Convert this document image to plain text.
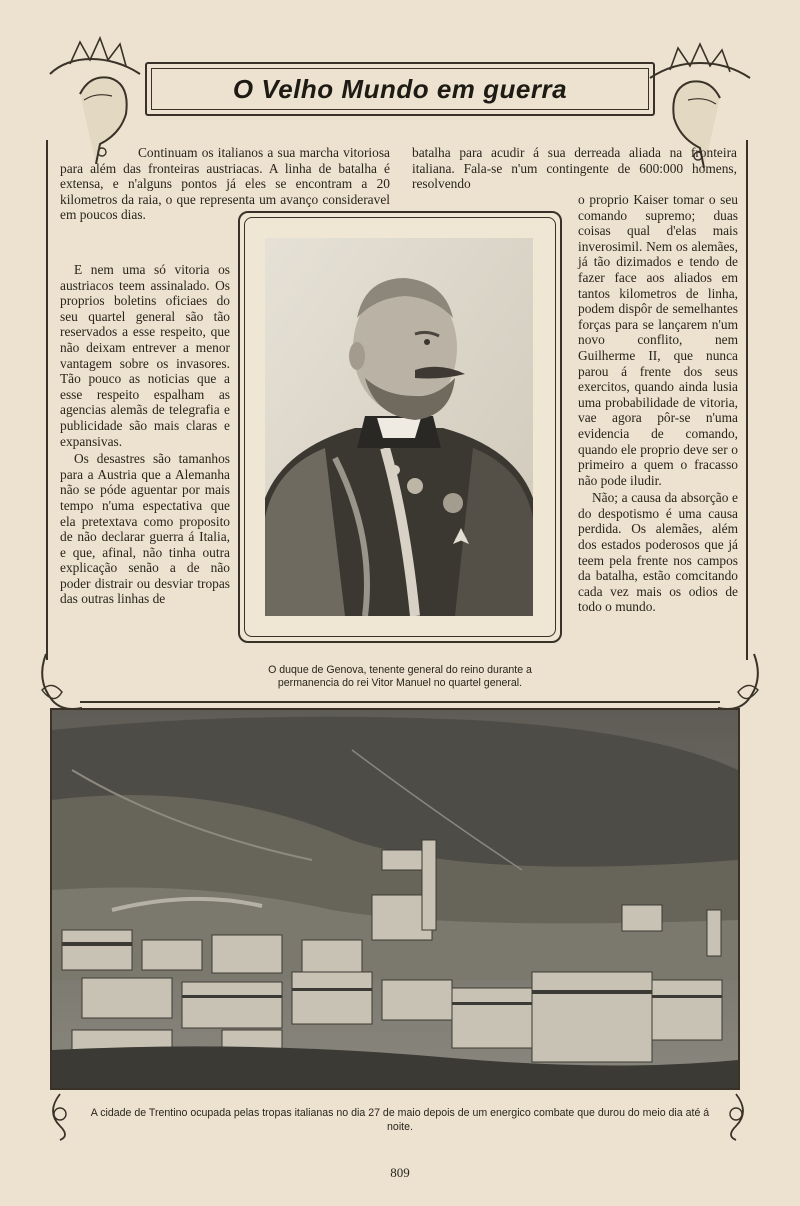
O Velho Mundo em guerra
Continuam os italianos a sua marcha vitoriosa para além das fronteiras austriacas. A linha de batalha é extensa, e n'alguns pontos já eles se encontram a 20 kilometros da raia, o que representa um avanço consideravel em poucos dias.
batalha para acudir á sua derreada aliada na fronteira italiana. Fala-se n'um contingente de 600:000 homens, resolvendo

E nem uma só vitoria os austriacos teem assinalado. Os proprios boletins oficiaes do seu quartel general são tão reservados a esse respeito, que não deixam entrever a menor vantagem sobre os invasores. Tão pouco as noticias que a esse respeito espalham as agencias alemãs de telegrafia e publicidade são mais claras e expansivas.

Os desastres são tamanhos para a Austria que a Alemanha não se póde aguentar por mais tempo n'uma espectativa que ela pretextava como proposito de não declarar guerra á Italia, e que, afinal, não tinha outra explicação senão a de não poder distrair ou desviar tropas das outras linhas de

o proprio Kaiser tomar o seu comando supremo; duas coisas qual d'elas mais inverosimil. Nem os alemães, já tão dizimados e tendo de fazer face aos aliados em tantos kilometros de linha, podem dispôr de semelhantes forças para se lançarem n'um novo conflito, nem Guilherme II, que nunca parou á frente dos seus exercitos, quando ainda lusia uma probabilidade de vitoria, vae agora pôr-se n'uma evidencia de comando, quando ele proprio deve ser o primeiro a quem o fracasso não pode iludir.

Não; a causa da absorção e do despotismo é uma causa perdida. Os alemães, além dos estados poderosos que já teem pela frente nos campos da batalha, estão comcitando cada vez mais os odios de todo o mundo.

O duque de Genova, tenente general do reino durante a permanencia do rei Vitor Manuel no quartel general.
A cidade de Trentino ocupada pelas tropas italianas no dia 27 de maio depois de um energico combate que durou do meio dia até á noite.
809
